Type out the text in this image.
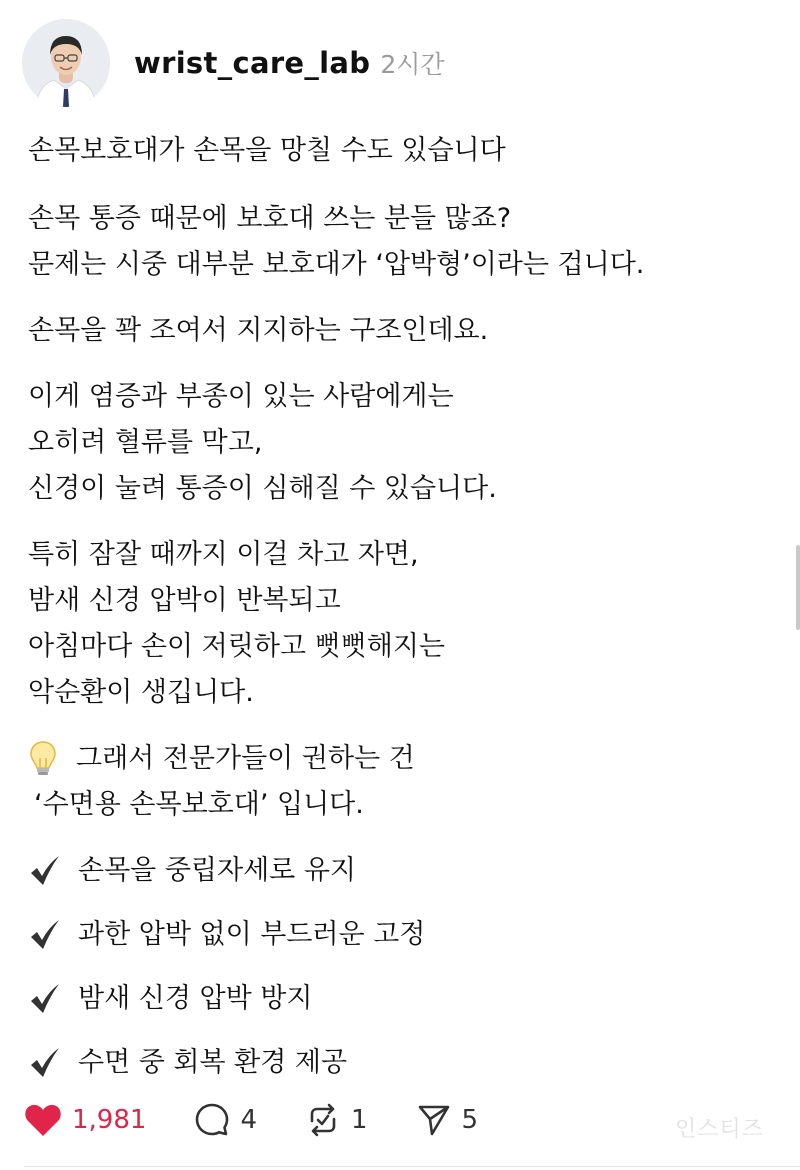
wrist_care_lab 2시간
손목보호대가 손목을 망칠 수도 있습니다
손목 통증 때문에 보호대 쓰는 분들 많죠?
문제는 시중 대부분 보호대가 ‘압박형’이라는 겁니다.
손목을 꽉 조여서 지지하는 구조인데요.
이게 염증과 부종이 있는 사람에게는
오히려 혈류를 막고,
신경이 눌려 통증이 심해질 수 있습니다.
특히 잠잘 때까지 이걸 차고 자면,
밤새 신경 압박이 반복되고
아침마다 손이 저릿하고 뻣뻣해지는
악순환이 생깁니다.
그래서 전문가들이 권하는 건
‘수면용 손목보호대’ 입니다.
손목을 중립자세로 유지
과한 압박 없이 부드러운 고정
밤새 신경 압박 방지
수면 중 회복 환경 제공
1,981	4	1	5	인스티즈
